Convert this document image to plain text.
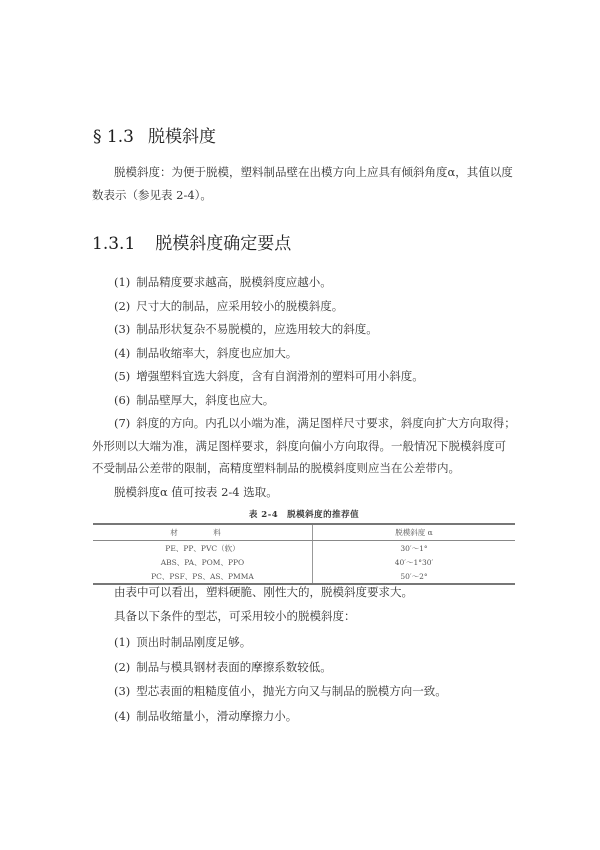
§ 1.3 脱模斜度
脱模斜度：为便于脱模，塑料制品壁在出模方向上应具有倾斜角度α，其值以度数表示（参见表 2-4）。
1.3.1 脱模斜度确定要点
(1) 制品精度要求越高，脱模斜度应越小。
(2) 尺寸大的制品，应采用较小的脱模斜度。
(3) 制品形状复杂不易脱模的，应选用较大的斜度。
(4) 制品收缩率大，斜度也应加大。
(5) 增强塑料宜选大斜度，含有自润滑剂的塑料可用小斜度。
(6) 制品壁厚大，斜度也应大。
(7) 斜度的方向。内孔以小端为准，满足图样尺寸要求，斜度向扩大方向取得；外形则以大端为准，满足图样要求，斜度向偏小方向取得。一般情况下脱模斜度可不受制品公差带的限制，高精度塑料制品的脱模斜度则应当在公差带内。
脱模斜度α 值可按表 2-4 选取。
表 2-4　脱模斜度的推荐值
材　料	脱模斜度 α
PE、PP、PVC（软）	30′～1°
ABS、PA、POM、PPO	40′～1°30′
PC、PSF、PS、AS、PMMA	50′～2°
由表中可以看出，塑料硬脆、刚性大的，脱模斜度要求大。
具备以下条件的型芯，可采用较小的脱模斜度：
(1) 顶出时制品刚度足够。
(2) 制品与模具钢材表面的摩擦系数较低。
(3) 型芯表面的粗糙度值小，抛光方向又与制品的脱模方向一致。
(4) 制品收缩量小，滑动摩擦力小。
